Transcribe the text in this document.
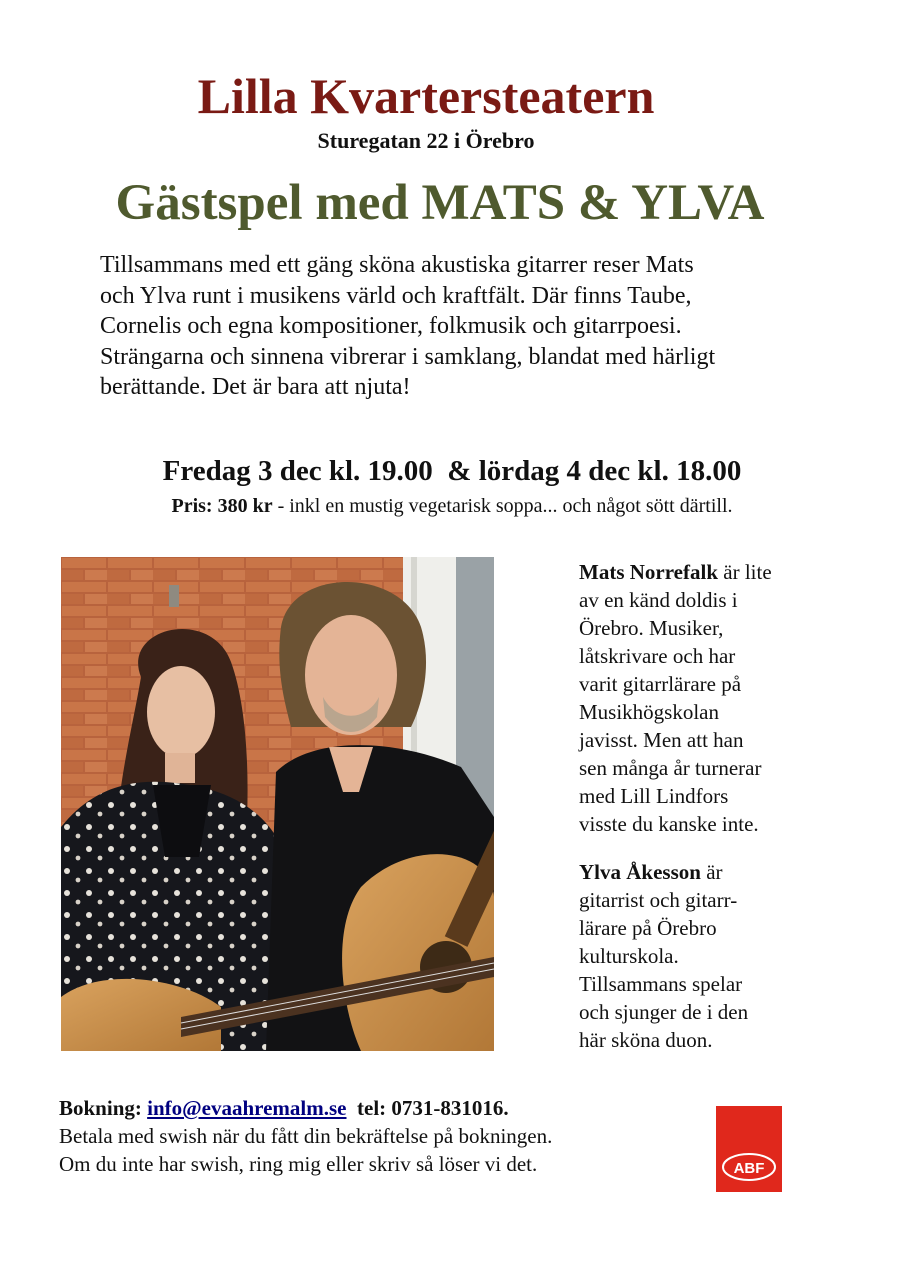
Lilla Kvartersteatern
Sturegatan 22 i Örebro
Gästspel med MATS & YLVA
Tillsammans med ett gäng sköna akustiska gitarrer reser Mats
och Ylva runt i musikens värld och kraftfält. Där finns Taube,
Cornelis och egna kompositioner, folkmusik och gitarrpoesi.
Strängarna och sinnena vibrerar i samklang, blandat med härligt
berättande. Det är bara att njuta!
Fredag 3 dec kl. 19.00  & lördag 4 dec kl. 18.00
Pris: 380 kr - inkl en mustig vegetarisk soppa... och något sött därtill.

Mats Norrefalk är lite
av en känd doldis i
Örebro. Musiker,
låtskrivare och har
varit gitarrlärare på
Musikhögskolan
javisst. Men att han
sen många år turnerar
med Lill Lindfors
visste du kanske inte.

Ylva Åkesson är
gitarrist och gitarr-
lärare på Örebro
kulturskola.
Tillsammans spelar
och sjunger de i den
här sköna duon.

Bokning: info@evaahremalm.se tel: 0731-831016.
Betala med swish när du fått din bekräftelse på bokningen.
Om du inte har swish, ring mig eller skriv så löser vi det.	ABF
